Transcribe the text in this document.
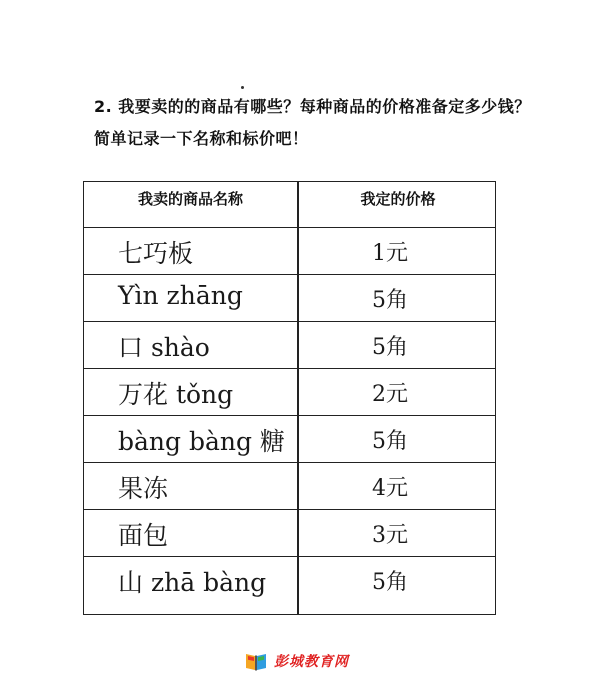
2. 我要卖的的商品有哪些？每种商品的价格准备定多少钱？
简单记录一下名称和标价吧！
我卖的商品名称	我定的价格
七巧板	1元
Yìn zhāng	5角
口 shào	5角
万花 tǒng	2元
bàng bàng 糖	5角
果冻	4元
面包	3元
山 zhā bàng	5角
彭城教育网
